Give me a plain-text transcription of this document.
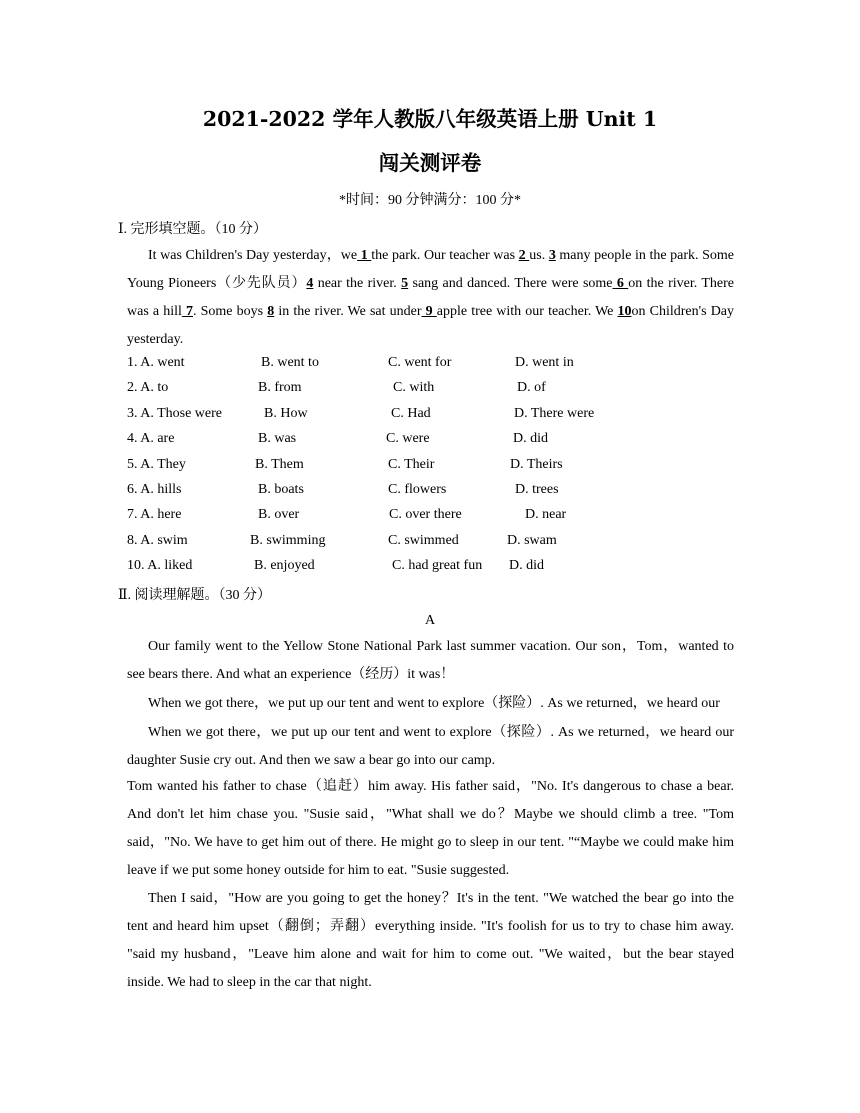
2021-2022 学年人教版八年级英语上册 Unit 1
闯关测评卷
*时间：90 分钟满分：100 分*
Ⅰ. 完形填空题。（10 分）
It was Children's Day yesterday，we 1 the park. Our teacher was 2 us. 3 many people in the park. Some Young Pioneers（少先队员）4 near the river. 5 sang and danced. There were some 6 on the river. There was a hill 7. Some boys 8 in the river. We sat under 9 apple tree with our teacher. We 10on Children's Day yesterday.
1. A. went	B. went to	C. went for	D. went in
2. A. to	B. from	C. with	D. of
3. A. Those were	B. How	C. Had	D. There were
4. A. are	B. was	C. were	D. did
5. A. They	B. Them	C. Their	D. Theirs
6. A. hills	B. boats	C. flowers	D. trees
7. A. here	B. over	C. over there	D. near
8. A. swim	B. swimming	C. swimmed	D. swam
10. A. liked	B. enjoyed	C. had great fun D. did
Ⅱ. 阅读理解题。（30 分）
A
Our family went to the Yellow Stone National Park last summer vacation. Our son，Tom，wanted to see bears there. And what an experience（经历）it was！
When we got there，we put up our tent and went to explore（探险）. As we returned，we heard our
When we got there，we put up our tent and went to explore（探险）. As we returned，we heard our daughter Susie cry out. And then we saw a bear go into our camp.
Tom wanted his father to chase（追赶）him away. His father said，"No. It's dangerous to chase a bear. And don't let him chase you. "Susie said，"What shall we do？Maybe we should climb a tree. "Tom said，"No. We have to get him out of there. He might go to sleep in our tent. "“Maybe we could make him leave if we put some honey outside for him to eat. "Susie suggested.
Then I said，"How are you going to get the honey？It's in the tent. "We watched the bear go into the tent and heard him upset（翻倒；弄翻）everything inside. "It's foolish for us to try to chase him away. "said my husband，"Leave him alone and wait for him to come out. "We waited，but the bear stayed inside. We had to sleep in the car that night.
